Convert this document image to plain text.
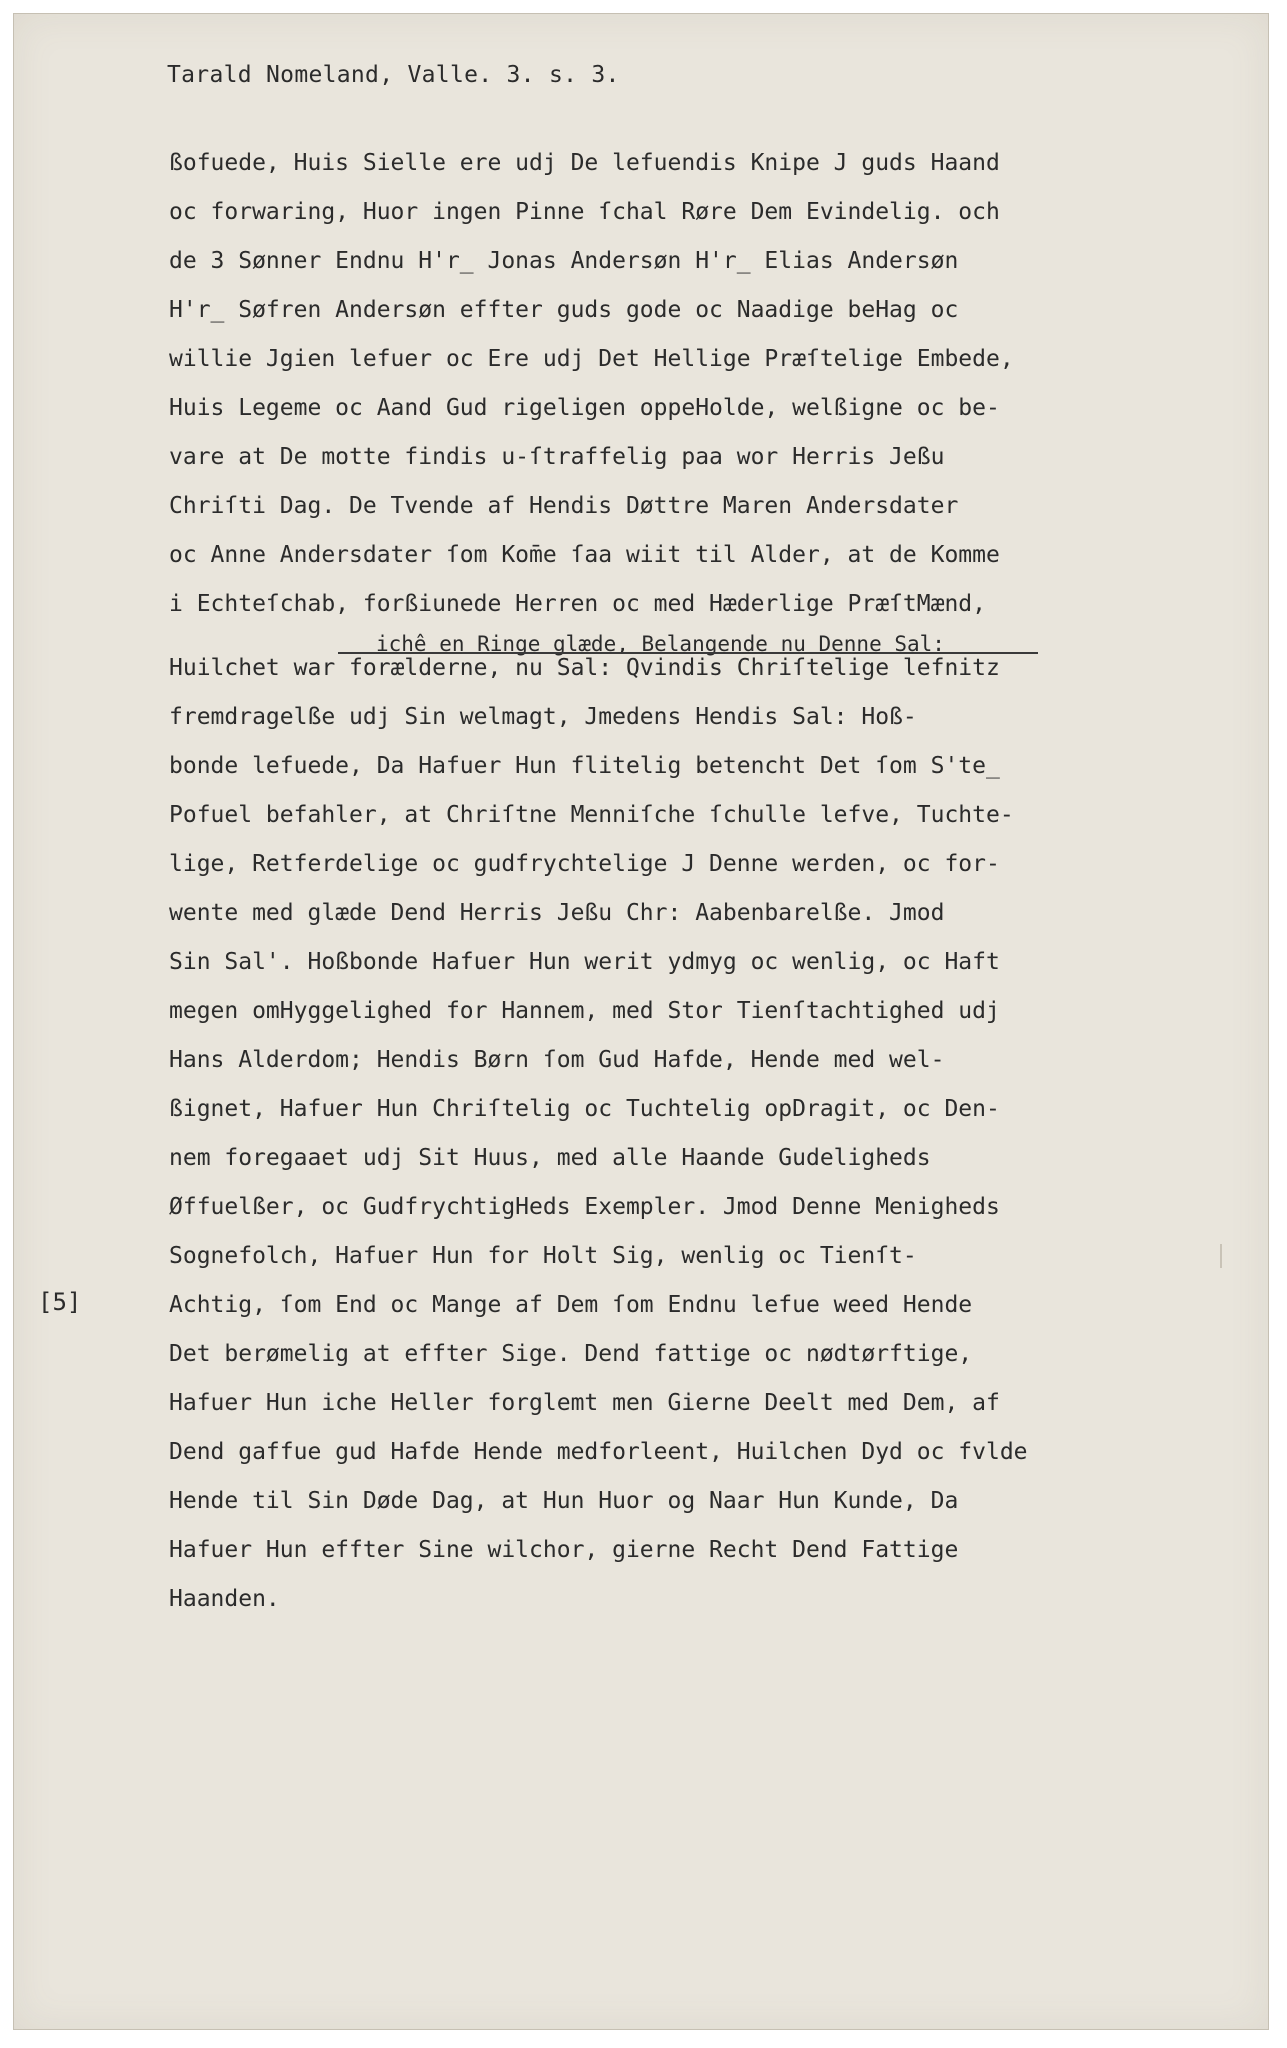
Tarald Nomeland, Valle. 3. s. 3.
[5]
ichê en Ringe glæde, Belangende nu Denne Sal:
ßofuede, Huis Sielle ere udj De lefuendis Knipe J guds Haand
oc forwaring, Huor ingen Pinne ſchal Røre Dem Evindelig. och
de 3 Sønner Endnu H'r̲ Jonas Andersøn H'r̲ Elias Andersøn
H'r̲ Søfren Andersøn effter guds gode oc Naadige beHag oc
willie Jgien lefuer oc Ere udj Det Hellige Præſtelige Embede,
Huis Legeme oc Aand Gud rigeligen oppeHolde, welßigne oc be-
vare at De motte findis u-ſtraffelig paa wor Herris Jeßu
Chriſti Dag. De Tvende af Hendis Døttre Maren Andersdater
oc Anne Andersdater ſom Kom̄e ſaa wiit til Alder, at de Komme
i Echteſchab, forßiunede Herren oc med Hæderlige PræſtMænd,
Huilchet war forælderne, nu Sal: Qvindis Chriſtelige lefnitz
fremdragelße udj Sin welmagt, Jmedens Hendis Sal: Hoß-
bonde lefuede, Da Hafuer Hun flitelig betencht Det ſom S'te̲
Pofuel befahler, at Chriſtne Menniſche ſchulle lefve, Tuchte-
lige, Retferdelige oc gudfrychtelige J Denne werden, oc for-
wente med glæde Dend Herris Jeßu Chr: Aabenbarelße. Jmod
Sin Sal'. Hoßbonde Hafuer Hun werit ydmyg oc wenlig, oc Haft
megen omHyggelighed for Hannem, med Stor Tienſtachtighed udj
Hans Alderdom; Hendis Børn ſom Gud Hafde, Hende med wel-
ßignet, Hafuer Hun Chriſtelig oc Tuchtelig opDragit, oc Den-
nem foregaaet udj Sit Huus, med alle Haande Gudeligheds
Øffuelßer, oc GudfrychtigHeds Exempler. Jmod Denne Menigheds
Sognefolch, Hafuer Hun for Holt Sig, wenlig oc Tienſt-
Achtig, ſom End oc Mange af Dem ſom Endnu lefue weed Hende
Det berømelig at effter Sige. Dend fattige oc nødtørftige,
Hafuer Hun iche Heller forglemt men Gierne Deelt med Dem, af
Dend gaffue gud Hafde Hende medforleent, Huilchen Dyd oc fvlde
Hende til Sin Døde Dag, at Hun Huor og Naar Hun Kunde, Da
Hafuer Hun effter Sine wilchor, gierne Recht Dend Fattige
Haanden.
